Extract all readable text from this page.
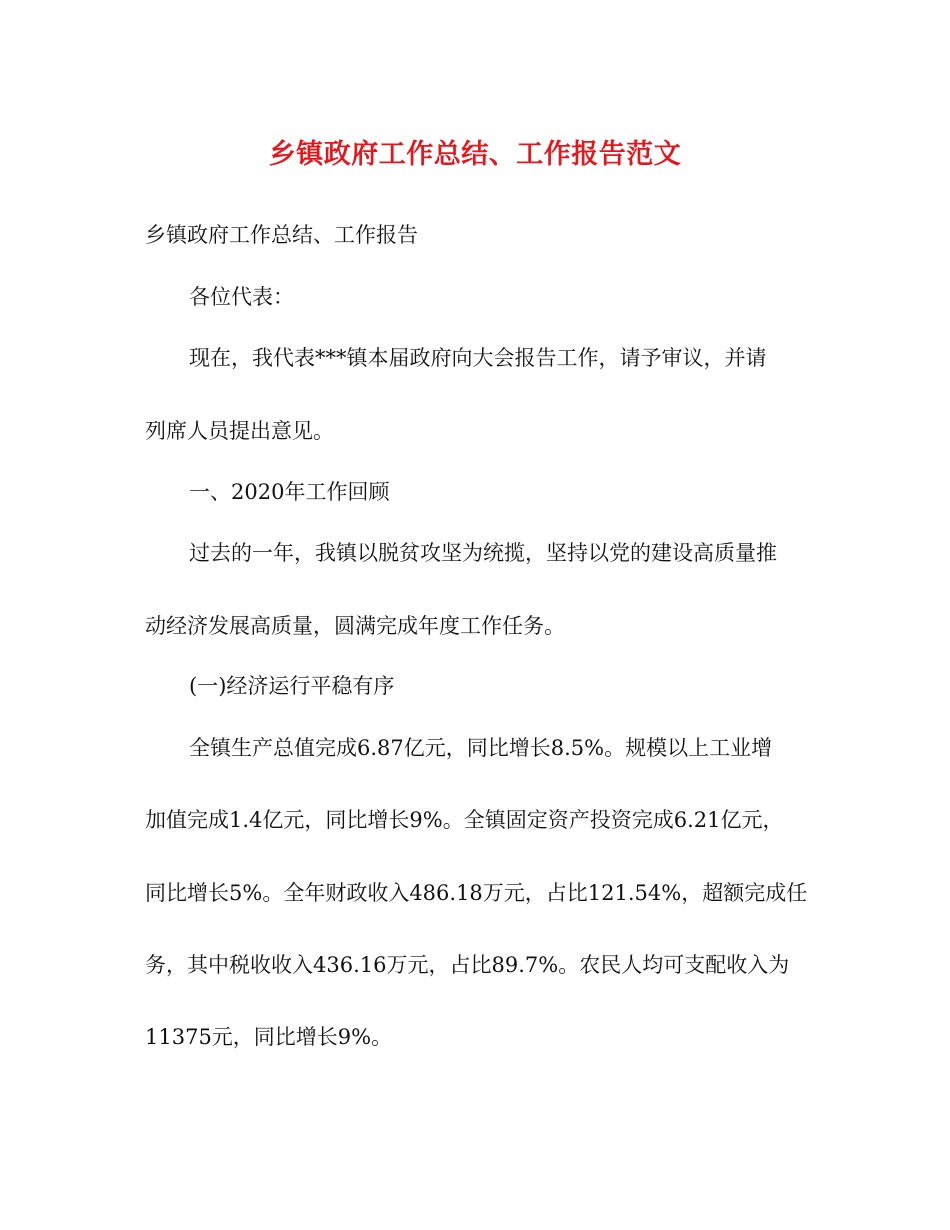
乡镇政府工作总结、工作报告范文
乡镇政府工作总结、工作报告
各位代表：
现在，我代表***镇本届政府向大会报告工作，请予审议，并请
列席人员提出意见。
一、2020年工作回顾
过去的一年，我镇以脱贫攻坚为统揽，坚持以党的建设高质量推
动经济发展高质量，圆满完成年度工作任务。
(一)经济运行平稳有序
全镇生产总值完成6.87亿元，同比增长8.5%。规模以上工业增
加值完成1.4亿元，同比增长9%。全镇固定资产投资完成6.21亿元，
同比增长5%。全年财政收入486.18万元，占比121.54%，超额完成任
务，其中税收收入436.16万元，占比89.7%。农民人均可支配收入为
11375元，同比增长9%。
